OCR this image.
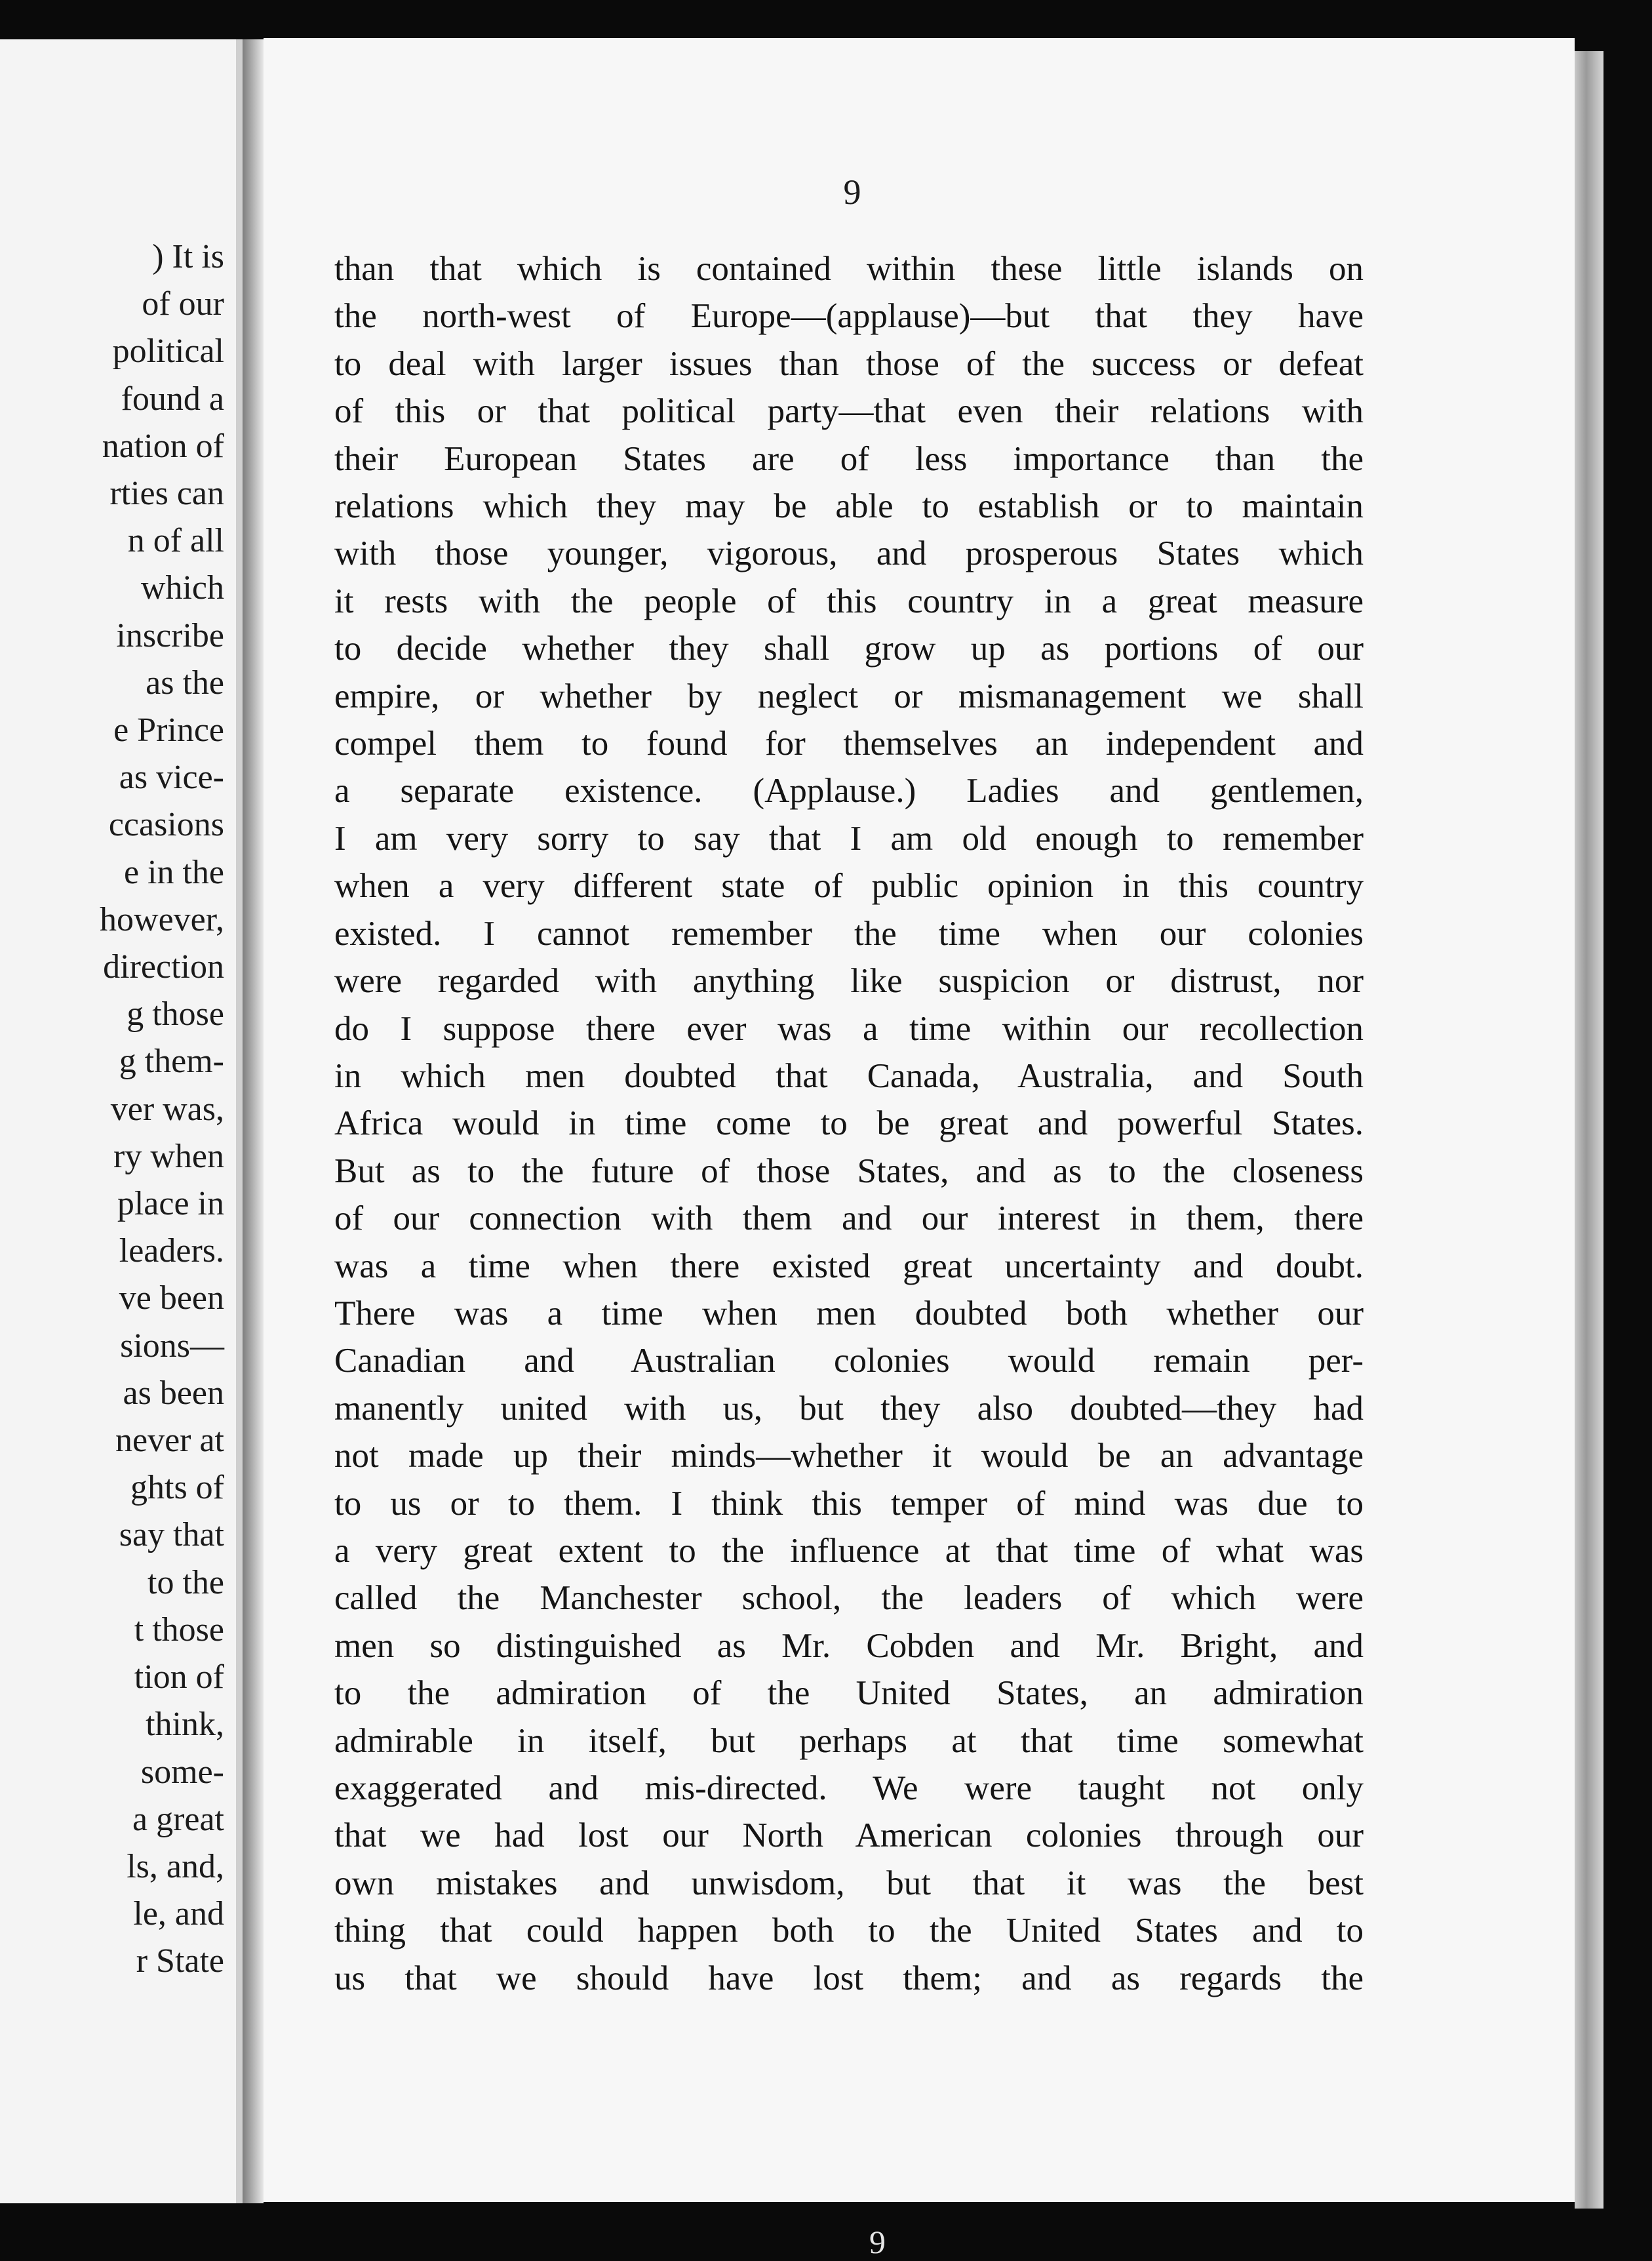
) It is
of our
political
found a
nation of
rties can
n of all
which
inscribe
as the
e Prince
as vice-
ccasions
e in the
however,
direction
g those
g them-
ver was,
ry when
place in
leaders.
ve been
sions—
as been
never at
ghts of
say that
to the
t those
tion of
think,
some-
a great
ls, and,
le, and
r State
9
than that which is contained within these little islands on
the north-west of Europe—(applause)—but that they have
to deal with larger issues than those of the success or defeat
of this or that political party—that even their relations with
their European States are of less importance than the
relations which they may be able to establish or to maintain
with those younger, vigorous, and prosperous States which
it rests with the people of this country in a great measure
to decide whether they shall grow up as portions of our
empire, or whether by neglect or mismanagement we shall
compel them to found for themselves an independent and
a separate existence. (Applause.) Ladies and gentlemen,
I am very sorry to say that I am old enough to remember
when a very different state of public opinion in this country
existed. I cannot remember the time when our colonies
were regarded with anything like suspicion or distrust, nor
do I suppose there ever was a time within our recollection
in which men doubted that Canada, Australia, and South
Africa would in time come to be great and powerful States.
But as to the future of those States, and as to the closeness
of our connection with them and our interest in them, there
was a time when there existed great uncertainty and doubt.
There was a time when men doubted both whether our
Canadian and Australian colonies would remain per-
manently united with us, but they also doubted—they had
not made up their minds—whether it would be an advantage
to us or to them. I think this temper of mind was due to
a very great extent to the influence at that time of what was
called the Manchester school, the leaders of which were
men so distinguished as Mr. Cobden and Mr. Bright, and
to the admiration of the United States, an admiration
admirable in itself, but perhaps at that time somewhat
exaggerated and mis-directed. We were taught not only
that we had lost our North American colonies through our
own mistakes and unwisdom, but that it was the best
thing that could happen both to the United States and to
us that we should have lost them; and as regards the
9
